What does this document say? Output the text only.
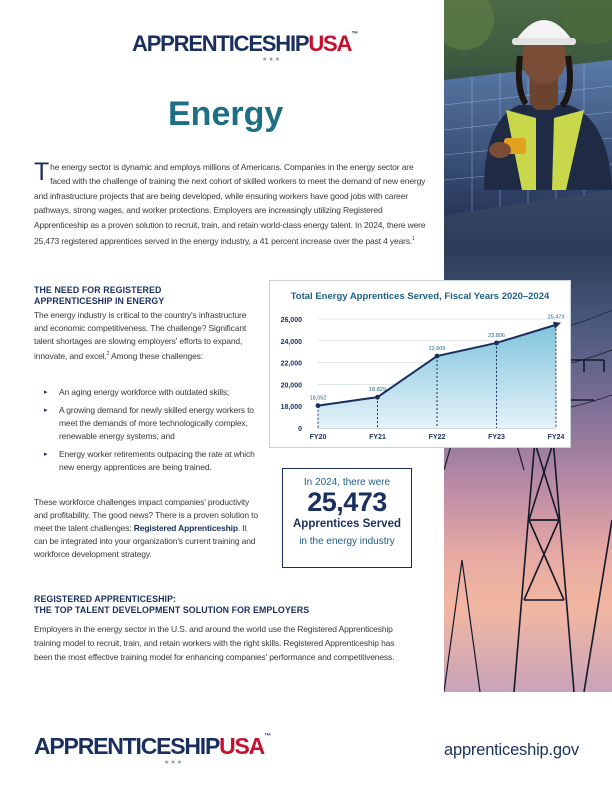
APPRENTICESHIPUSA™
★★★
Energy

The energy sector is dynamic and employs millions of Americans. Companies in the energy sector are faced with the challenge of training the next cohort of skilled workers to meet the demand of new energy and infrastructure projects that are being developed, while ensuring workers have good jobs with career pathways, strong wages, and worker protections. Employers are increasingly utilizing Registered Apprenticeship as a proven solution to recruit, train, and retain world-class energy talent. In 2024, there were 25,473 registered apprentices served in the energy industry, a 41 percent increase over the past 4 years.$^1$

THE NEED FOR REGISTERED
APPRENTICESHIP IN ENERGY

The energy industry is critical to the country's infrastructure and economic competitiveness. The challenge? Significant talent shortages are slowing employers' efforts to expand, innovate, and excel.$^2$ Among these challenges:

▸ An aging energy workforce with outdated skills;
▸ A growing demand for newly skilled energy workers to meet the demands of more technologically complex, renewable energy systems; and
▸ Energy worker retirements outpacing the rate at which new energy apprentices are being trained.

These workforce challenges impact companies' productivity and profitability. The good news? There is a proven solution to meet the talent challenges: Registered Apprenticeship. It can be integrated into your organization's current training and workforce development strategy.

REGISTERED APPRENTICESHIP:
THE TOP TALENT DEVELOPMENT SOLUTION FOR EMPLOYERS

Employers in the energy sector in the U.S. and around the world use the Registered Apprenticeship training model to recruit, train, and retain workers with the right skills. Registered Apprenticeship has been the most effective training model for enhancing companies' performance and competitiveness.

Total Energy Apprentices Served, Fiscal Years 2020–2024
0
18,000
20,000
22,000
24,000
26,000
18,052
FY20
18,829
FY21
22,605
FY22
23,806
FY23
25,473
FY24
In 2024, there were
25,473
Apprentices Served
in the energy industry
APPRENTICESHIPUSA™
★★★
apprenticeship.gov
